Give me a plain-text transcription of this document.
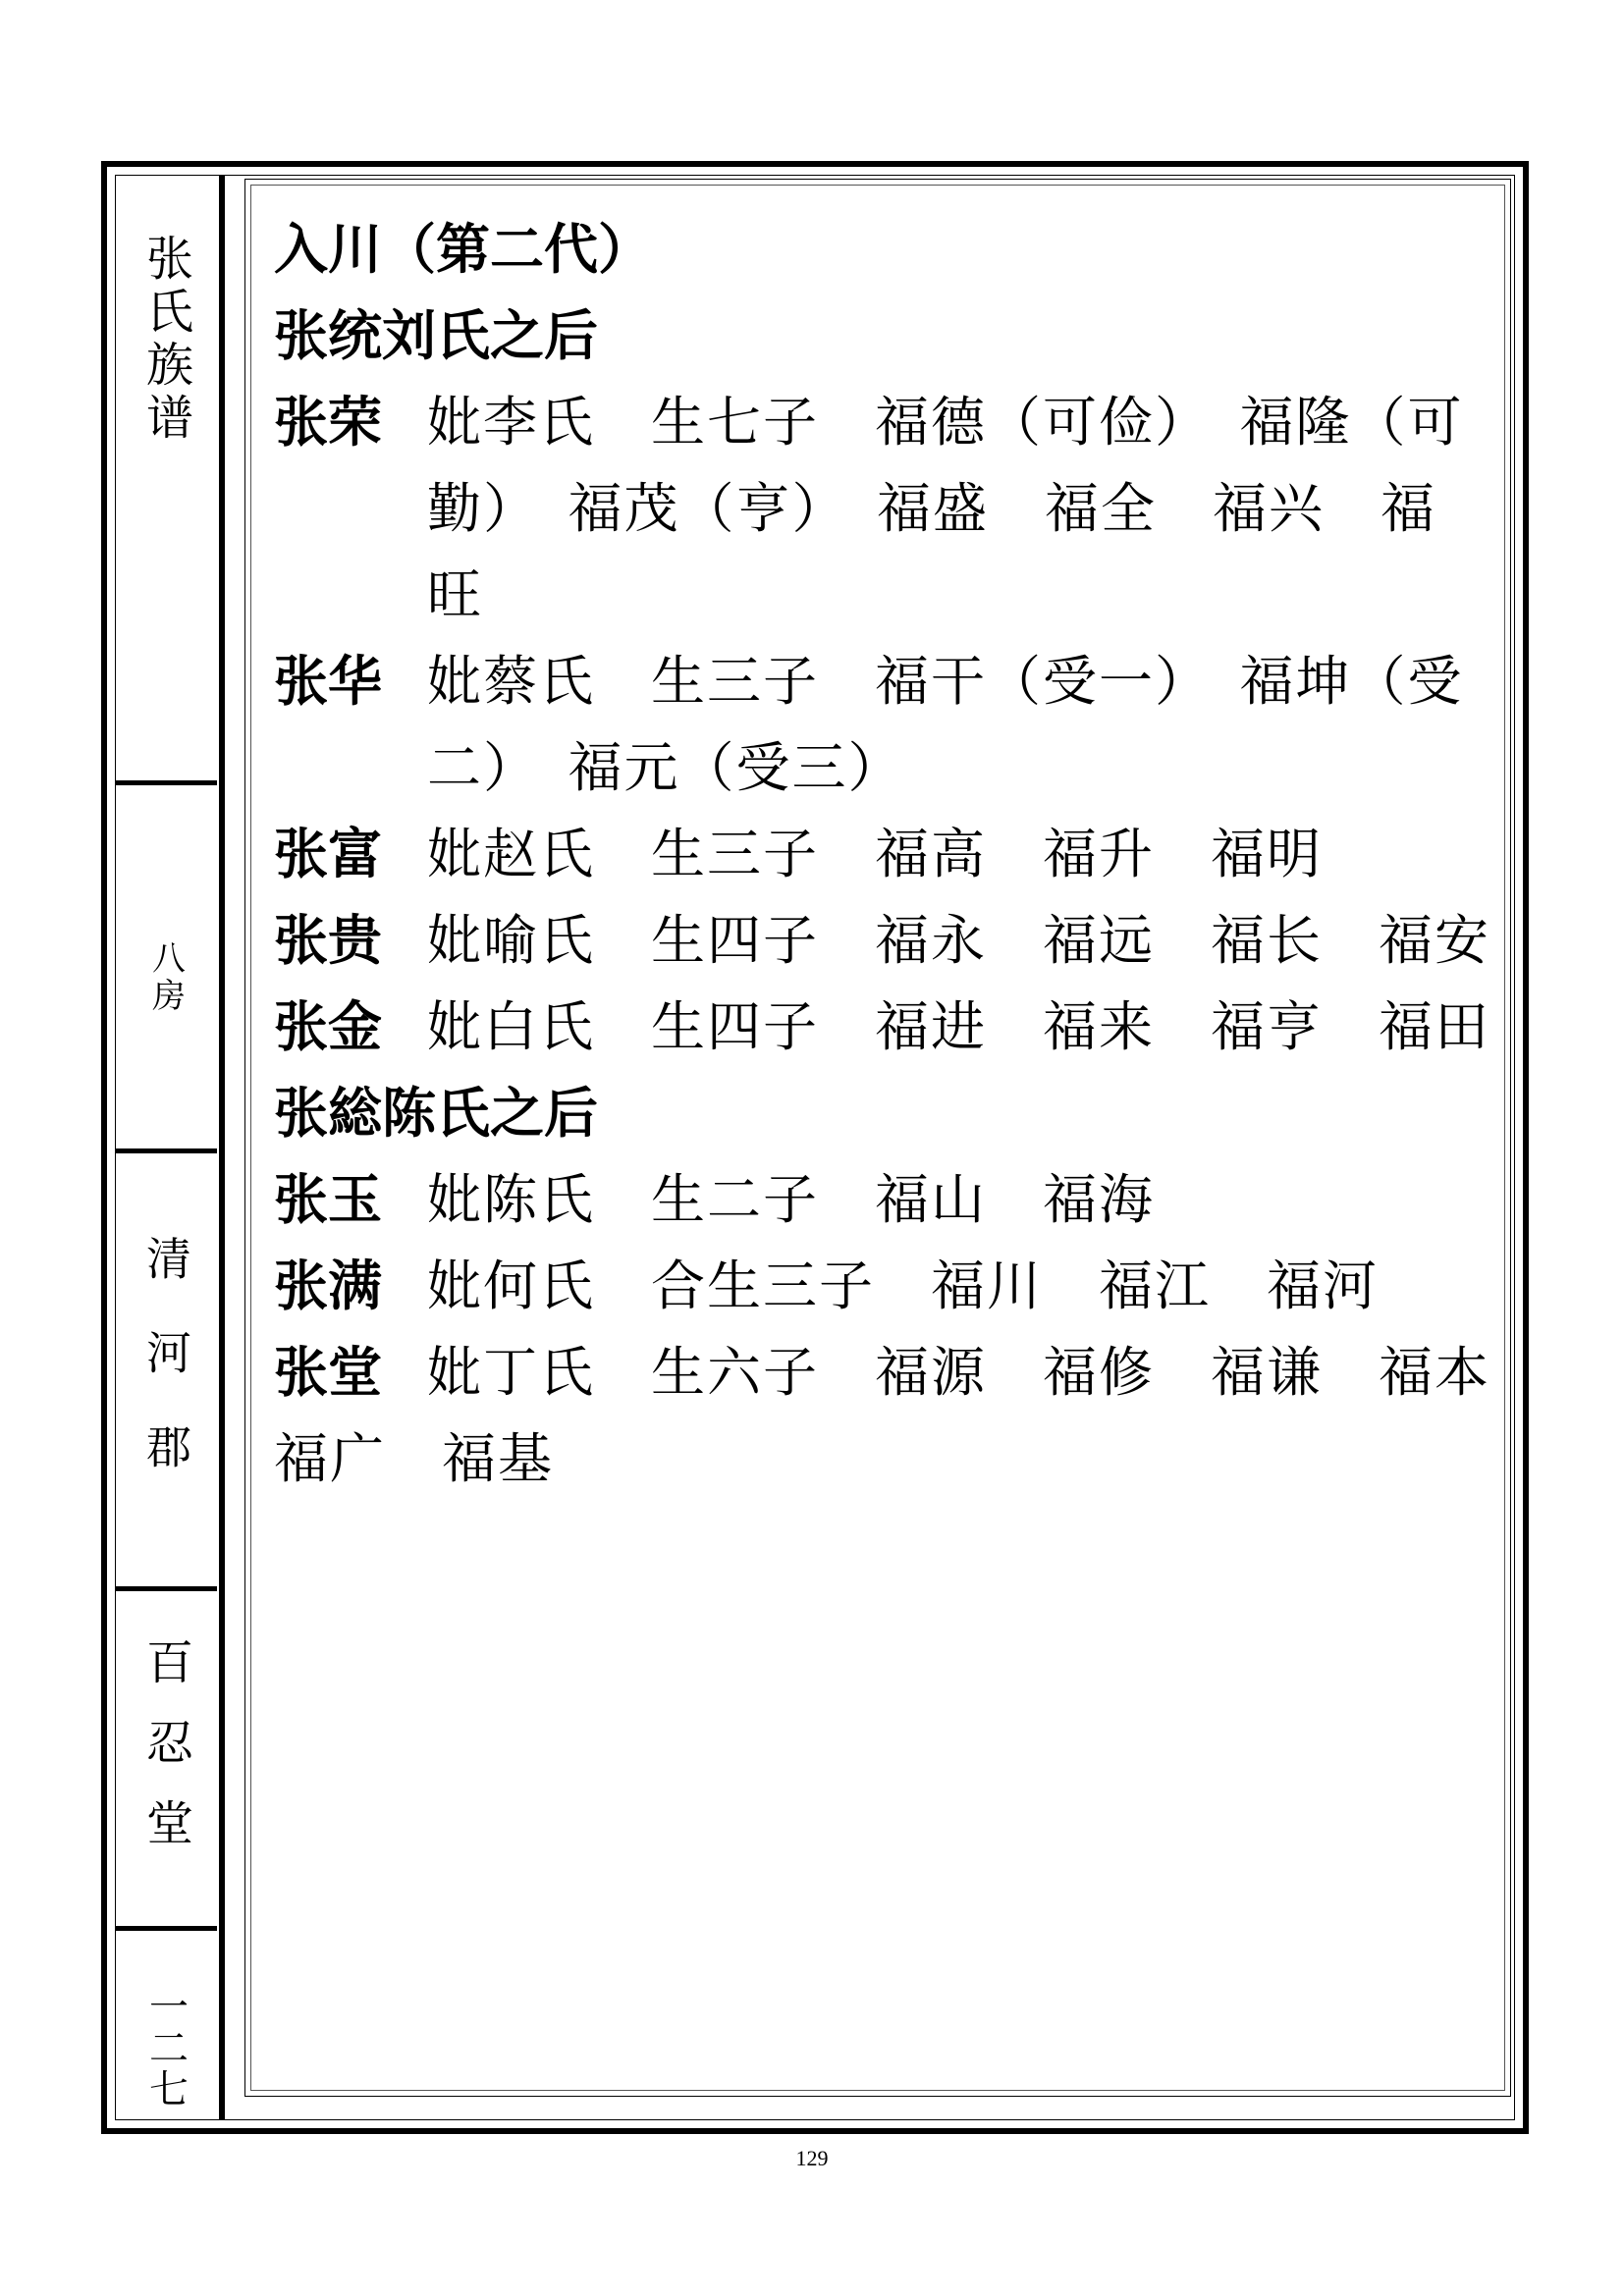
张氏族谱
八房
清河郡
百忍堂
一二七
入川（第二代）
张统刘氏之后
张荣 妣李氏　生七子　福德（可俭）　福隆（可勤）　福茂（亨）　福盛　福全　福兴　福旺
张华 妣蔡氏　生三子　福干（受一）　福坤（受二）　福元（受三）
张富 妣赵氏　生三子　福高　福升　福明
张贵 妣喻氏　生四子　福永　福远　福长　福安
张金 妣白氏　生四子　福进　福来　福亨　福田
张総陈氏之后
张玉 妣陈氏　生二子　福山　福海
张满 妣何氏　合生三子　福川　福江　福河
张堂 妣丁氏　生六子　福源　福修　福谦　福本
福广　福基
129
